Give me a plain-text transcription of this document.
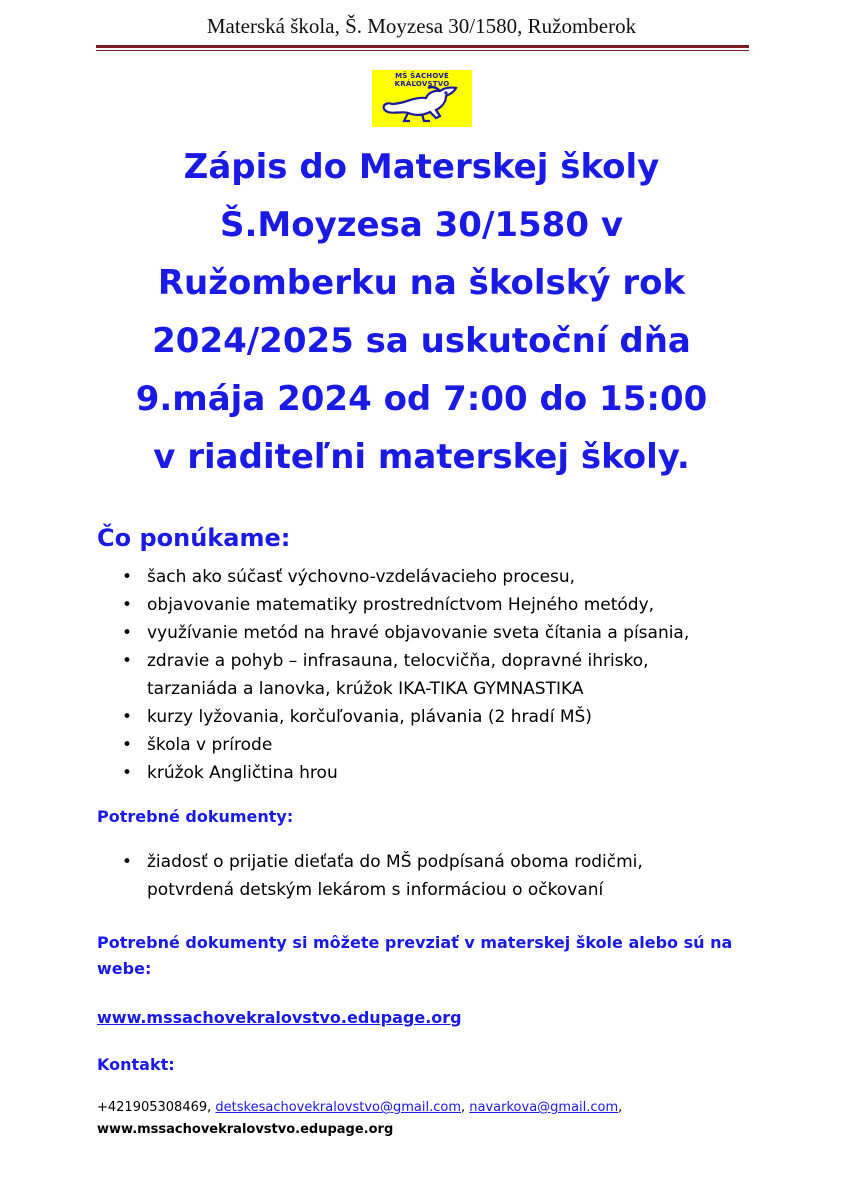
Materská škola, Š. Moyzesa 30/1580, Ružomberok
MŠ ŠACHOVÉ KRÁĽOVSTVO
Zápis do Materskej školy
Š.Moyzesa 30/1580 v
Ružomberku na školský rok
2024/2025 sa uskutoční dňa
9.mája 2024 od 7:00 do 15:00
v riaditeľni materskej školy.
Čo ponúkame:
• šach ako súčasť výchovno-vzdelávacieho procesu,
• objavovanie matematiky prostredníctvom Hejného metódy,
• využívanie metód na hravé objavovanie sveta čítania a písania,
• zdravie a pohyb – infrasauna, telocvičňa, dopravné ihrisko,
tarzaniáda a lanovka, krúžok IKA-TIKA GYMNASTIKA
• kurzy lyžovania, korčuľovania, plávania (2 hradí MŠ)
• škola v prírode
• krúžok Angličtina hrou
Potrebné dokumenty:
• žiadosť o prijatie dieťaťa do MŠ podpísaná oboma rodičmi,
potvrdená detským lekárom s informáciou o očkovaní
Potrebné dokumenty si môžete prevziať v materskej škole alebo sú na webe:
www.mssachovekralovstvo.edupage.org
Kontakt:
+421905308469, detskesachovekralovstvo@gmail.com, navarkova@gmail.com,
www.mssachovekralovstvo.edupage.org
